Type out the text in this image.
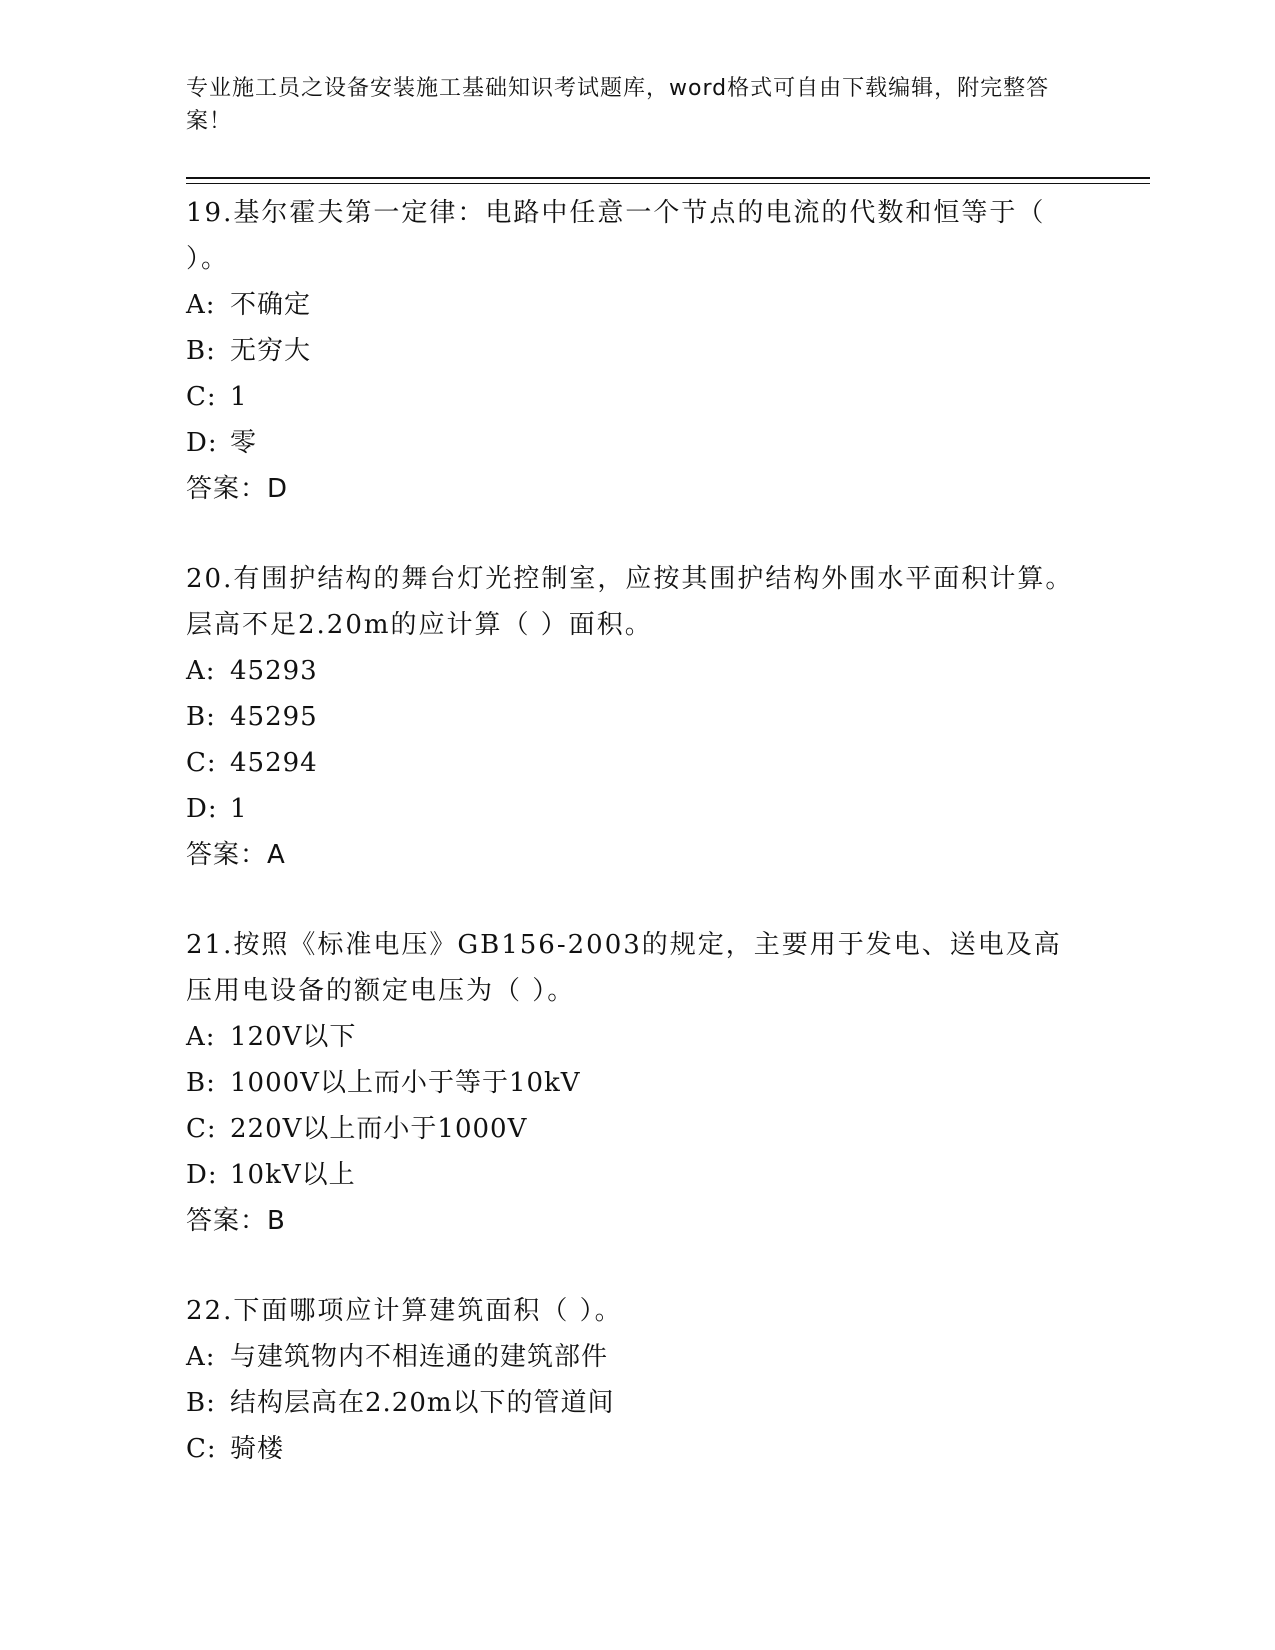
专业施工员之设备安装施工基础知识考试题库，word格式可自由下载编辑，附完整答案！

19.基尔霍夫第一定律：电路中任意一个节点的电流的代数和恒等于（ ）。

A: 不确定

B: 无穷大

C: 1

D: 零

答案：D

20.有围护结构的舞台灯光控制室，应按其围护结构外围水平面积计算。层高不足2.20m的应计算（ ）面积。

A: 45293

B: 45295

C: 45294

D: 1

答案：A

21.按照《标准电压》GB156-2003的规定，主要用于发电、送电及高压用电设备的额定电压为（ ）。

A: 120V以下

B: 1000V以上而小于等于10kV

C: 220V以上而小于1000V

D: 10kV以上

答案：B

22.下面哪项应计算建筑面积（ ）。

A: 与建筑物内不相连通的建筑部件

B: 结构层高在2.20m以下的管道间

C: 骑楼
